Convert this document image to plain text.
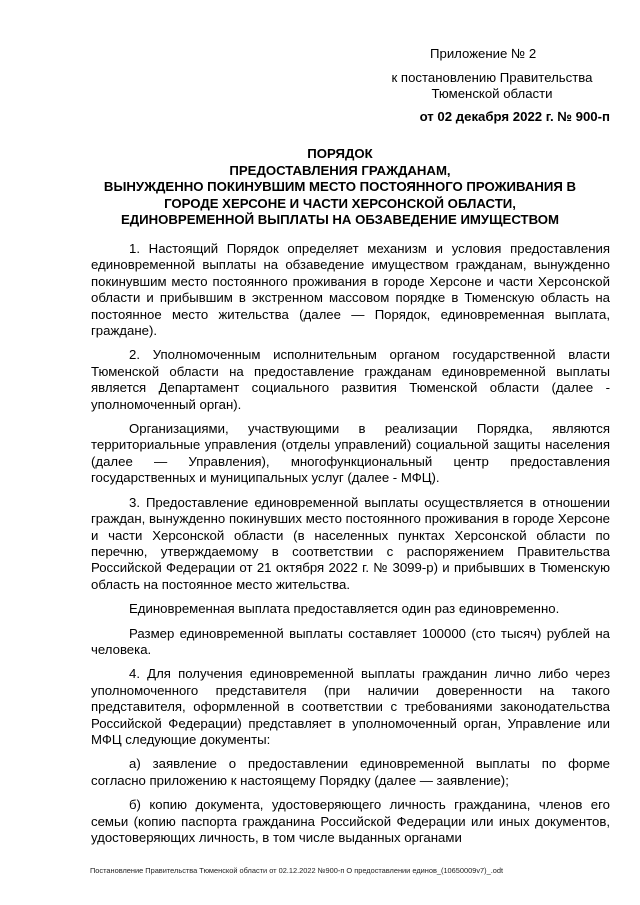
Приложение № 2
к постановлению Правительства
Тюменской области
от 02 декабря 2022 г. № 900-п
ПОРЯДОК
ПРЕДОСТАВЛЕНИЯ ГРАЖДАНАМ,
ВЫНУЖДЕННО ПОКИНУВШИМ МЕСТО ПОСТОЯННОГО ПРОЖИВАНИЯ В
ГОРОДЕ ХЕРСОНЕ И ЧАСТИ ХЕРСОНСКОЙ ОБЛАСТИ,
ЕДИНОВРЕМЕННОЙ ВЫПЛАТЫ НА ОБЗАВЕДЕНИЕ ИМУЩЕСТВОМ

1. Настоящий Порядок определяет механизм и условия предоставления единовременной выплаты на обзаведение имуществом гражданам, вынужденно покинувшим место постоянного проживания в городе Херсоне и части Херсонской области и прибывшим в экстренном массовом порядке в Тюменскую область на постоянное место жительства (далее — Порядок, единовременная выплата, граждане).

2. Уполномоченным исполнительным органом государственной власти Тюменской области на предоставление гражданам единовременной выплаты является Департамент социального развития Тюменской области (далее - уполномоченный орган).

Организациями, участвующими в реализации Порядка, являются территориальные управления (отделы управлений) социальной защиты населения (далее — Управления), многофункциональный центр предоставления государственных и муниципальных услуг (далее - МФЦ).

3. Предоставление единовременной выплаты осуществляется в отношении граждан, вынужденно покинувших место постоянного проживания в городе Херсоне и части Херсонской области (в населенных пунктах Херсонской области по перечню, утверждаемому в соответствии с распоряжением Правительства Российской Федерации от 21 октября 2022 г. № 3099-р) и прибывших в Тюменскую область на постоянное место жительства.

Единовременная выплата предоставляется один раз единовременно.

Размер единовременной выплаты составляет 100000 (сто тысяч) рублей на человека.

4. Для получения единовременной выплаты гражданин лично либо через уполномоченного представителя (при наличии доверенности на такого представителя, оформленной в соответствии с требованиями законодательства Российской Федерации) представляет в уполномоченный орган, Управление или МФЦ следующие документы:

а) заявление о предоставлении единовременной выплаты по форме согласно приложению к настоящему Порядку (далее — заявление);

б) копию документа, удостоверяющего личность гражданина, членов его семьи (копию паспорта гражданина Российской Федерации или иных документов, удостоверяющих личность, в том числе выданных органами

Постановление Правительства Тюменской области от 02.12.2022 №900-п О предоставлении единов_(10650009v7)_.odt
